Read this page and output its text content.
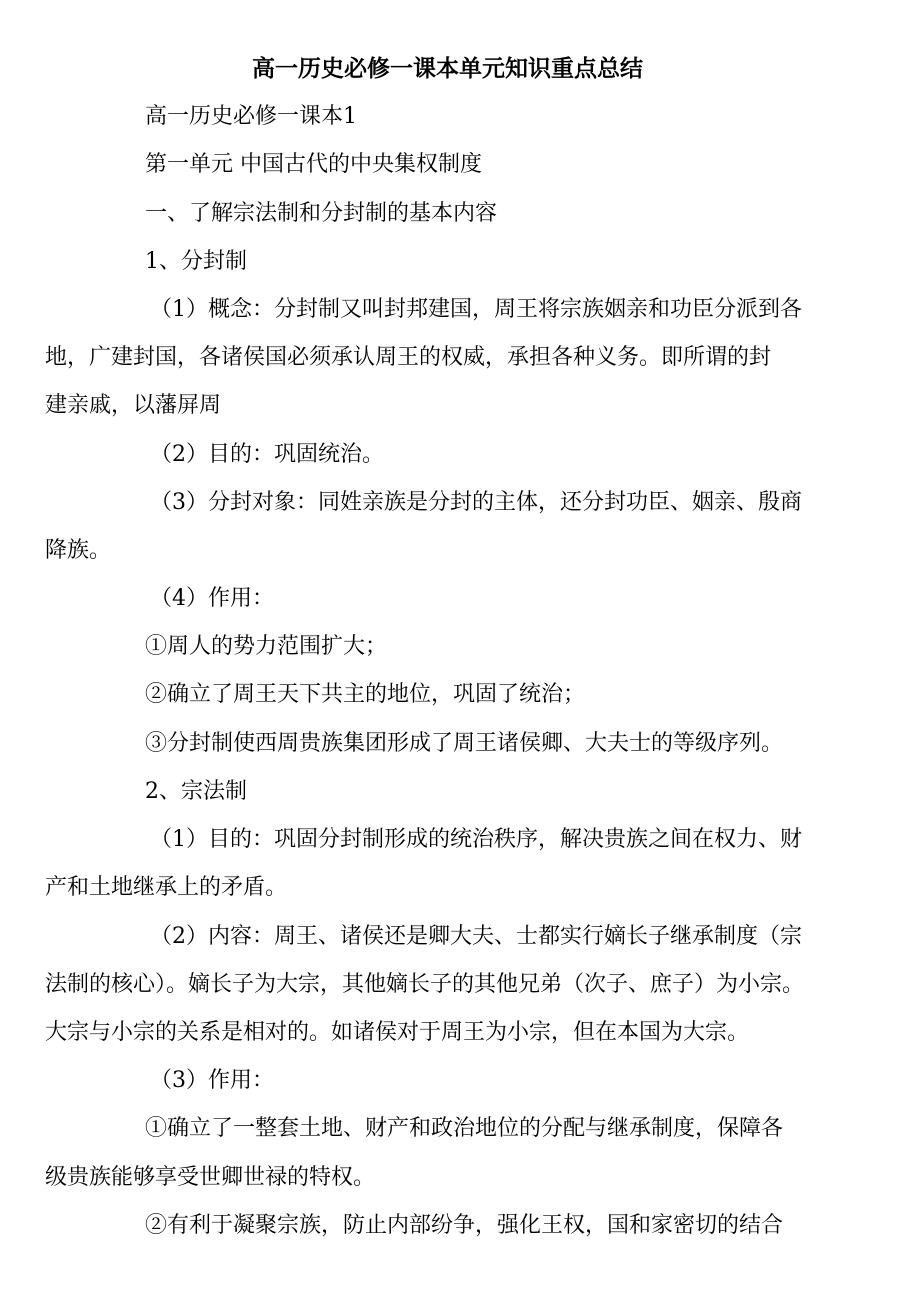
高一历史必修一课本单元知识重点总结
高一历史必修一课本1
第一单元 中国古代的中央集权制度
一、了解宗法制和分封制的基本内容
1、分封制
（1）概念：分封制又叫封邦建国，周王将宗族姻亲和功臣分派到各
地，广建封国，各诸侯国必须承认周王的权威，承担各种义务。即所谓的封
建亲戚，以藩屏周
（2）目的：巩固统治。
（3）分封对象：同姓亲族是分封的主体，还分封功臣、姻亲、殷商
降族。
（4）作用：
①周人的势力范围扩大；
②确立了周王天下共主的地位，巩固了统治；
③分封制使西周贵族集团形成了周王诸侯卿、大夫士的等级序列。
2、宗法制
（1）目的：巩固分封制形成的统治秩序，解决贵族之间在权力、财
产和土地继承上的矛盾。
（2）内容：周王、诸侯还是卿大夫、士都实行嫡长子继承制度（宗
法制的核心）。嫡长子为大宗，其他嫡长子的其他兄弟（次子、庶子）为小宗。
大宗与小宗的关系是相对的。如诸侯对于周王为小宗，但在本国为大宗。
（3）作用：
①确立了一整套土地、财产和政治地位的分配与继承制度，保障各
级贵族能够享受世卿世禄的特权。
②有利于凝聚宗族，防止内部纷争，强化王权，国和家密切的结合
